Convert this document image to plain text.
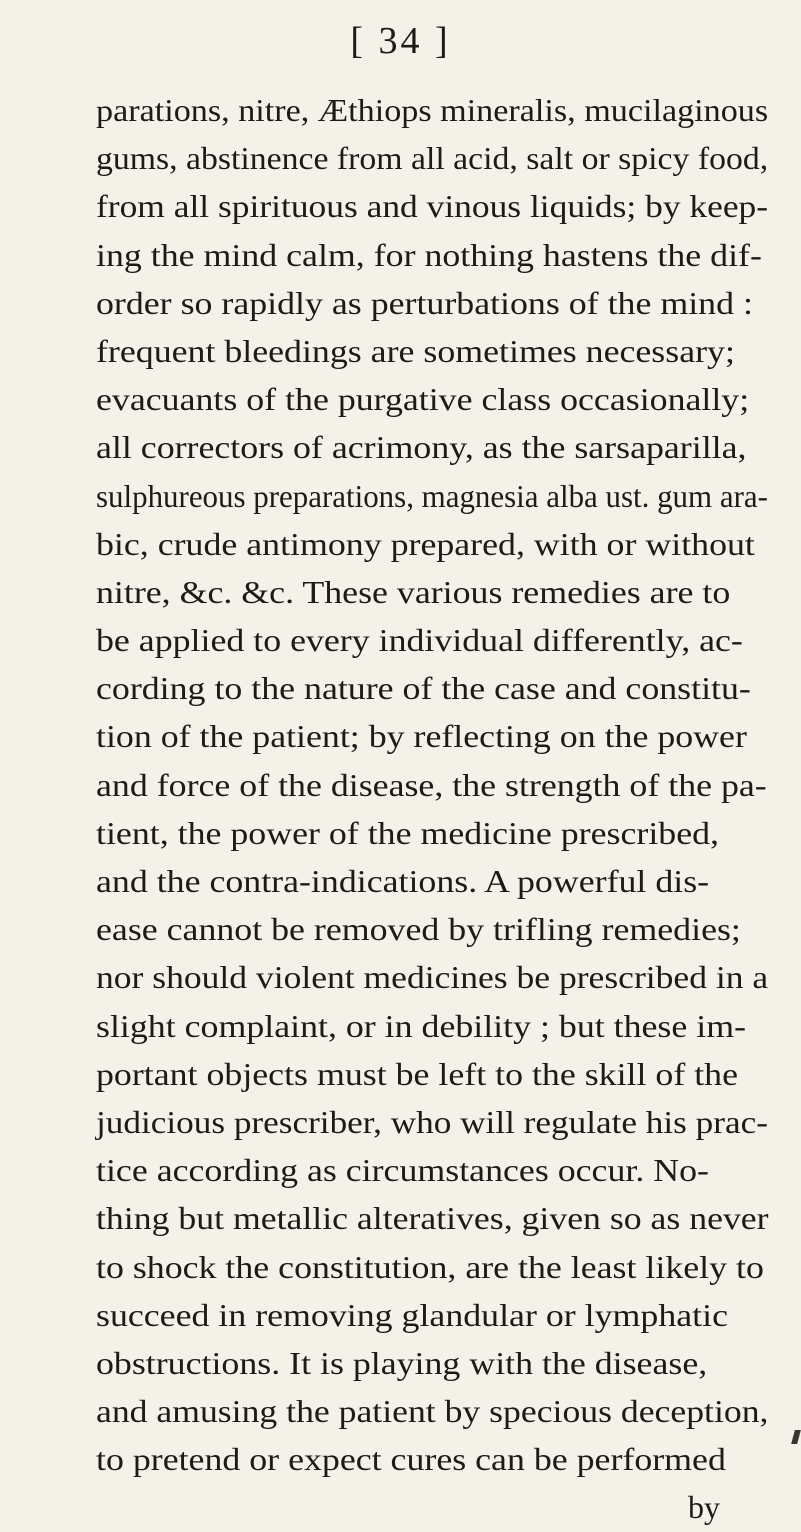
[ 34 ]
parations, nitre, Æthiops mineralis, mucilaginous
gums, abstinence from all acid, salt or spicy food,
from all spirituous and vinous liquids; by keep-
ing the mind calm, for nothing hastens the dif-
order so rapidly as perturbations of the mind :
frequent bleedings are sometimes necessary;
evacuants of the purgative class occasionally;
all correctors of acrimony, as the sarsaparilla,
sulphureous preparations, magnesia alba ust. gum ara-
bic, crude antimony prepared, with or without
nitre, &c. &c. These various remedies are to
be applied to every individual differently, ac-
cording to the nature of the case and constitu-
tion of the patient; by reflecting on the power
and force of the disease, the strength of the pa-
tient, the power of the medicine prescribed,
and the contra-indications. A powerful dis-
ease cannot be removed by trifling remedies;
nor should violent medicines be prescribed in a
slight complaint, or in debility ; but these im-
portant objects must be left to the skill of the
judicious prescriber, who will regulate his prac-
tice according as circumstances occur. No-
thing but metallic alteratives, given so as never
to shock the constitution, are the least likely to
succeed in removing glandular or lymphatic
obstructions. It is playing with the disease,
and amusing the patient by specious deception,
to pretend or expect cures can be performed
by
